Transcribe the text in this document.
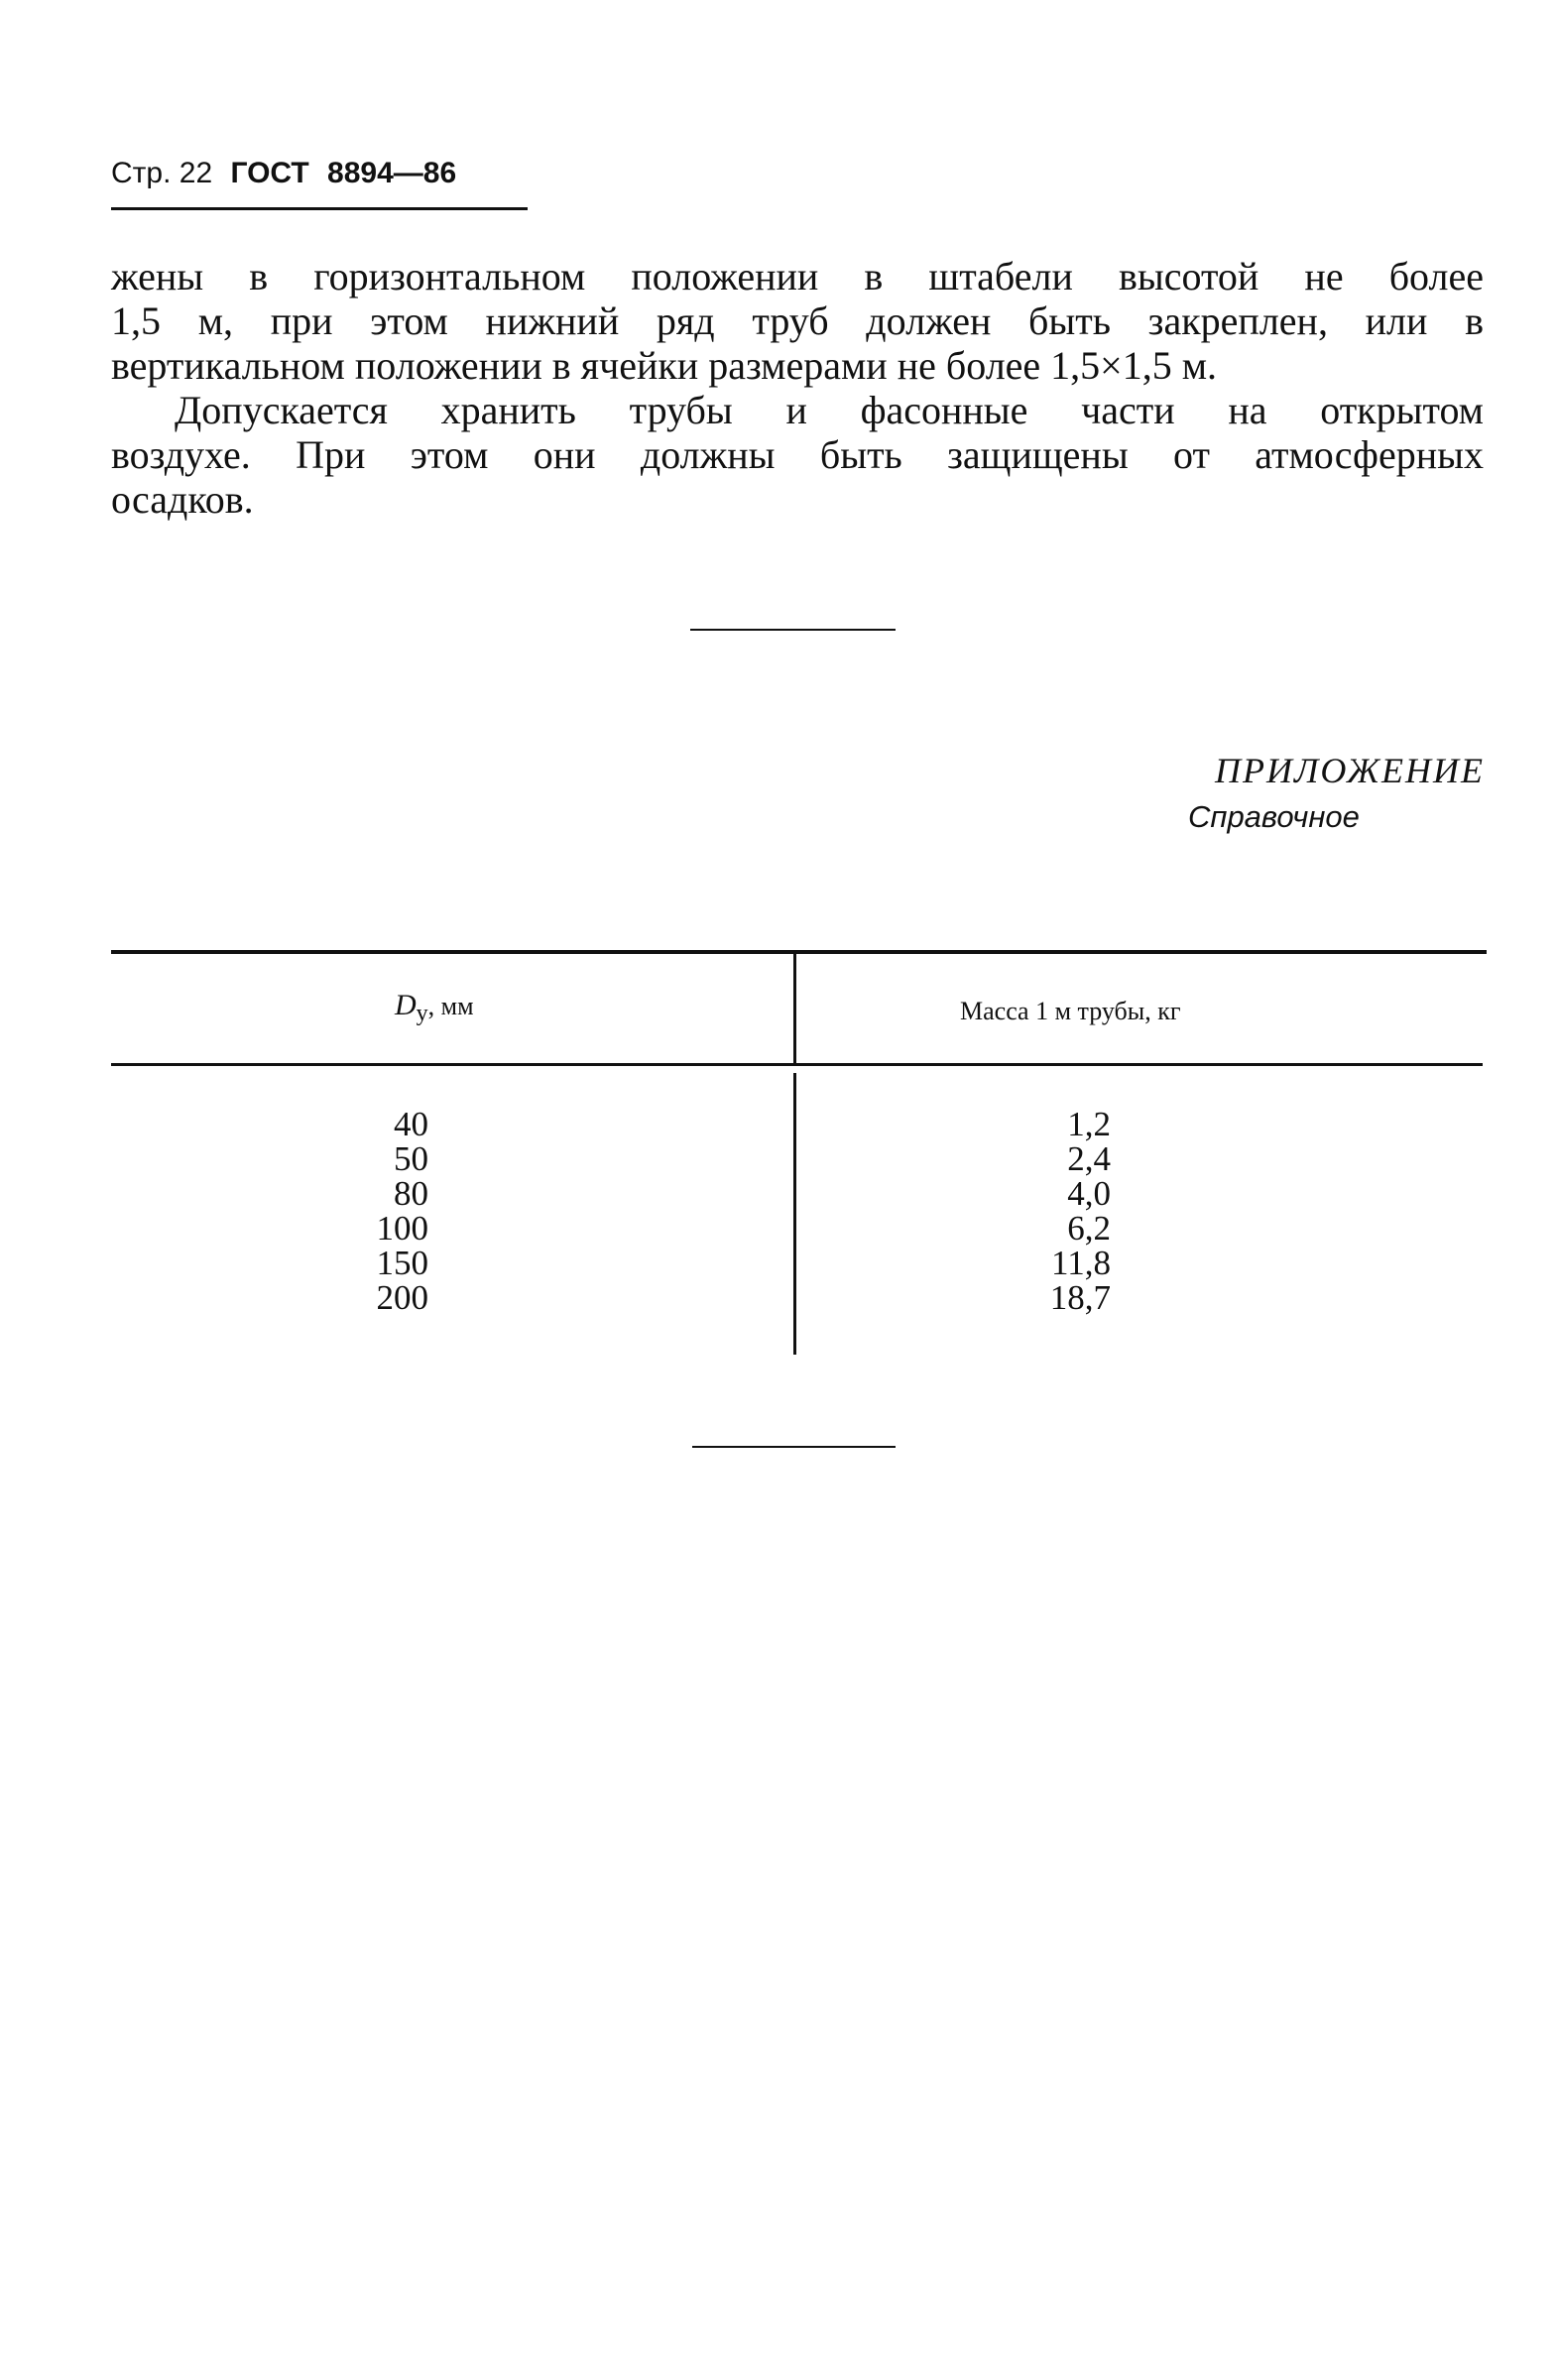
Стр. 22 ГОСТ 8894—86

жены в горизонтальном положении в штабели высотой не более
1,5 м, при этом нижний ряд труб должен быть закреплен, или в
вертикальном положении в ячейки размерами не более 1,5×1,5 м.

Допускается хранить трубы и фасонные части на открытом
воздухе. При этом они должны быть защищены от атмосферных
осадков.

ПРИЛОЖЕНИЕ
Справочное
$D_у$, мм	Масса 1 м трубы, кг
40
50
80
100
150
200
1,2
2,4
4,0
6,2
11,8
18,7
